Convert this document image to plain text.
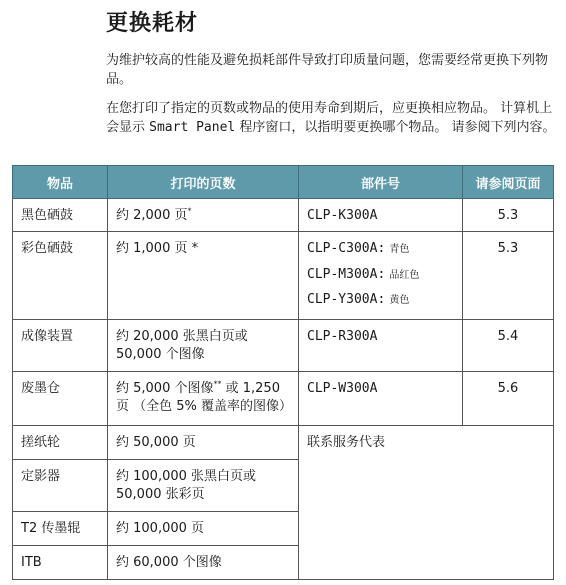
更换耗材
为维护较高的性能及避免损耗部件导致打印质量问题，您需要经常更换下列物品。
在您打印了指定的页数或物品的使用寿命到期后，应更换相应物品。 计算机上会显示 Smart Panel 程序窗口，以指明要更换哪个物品。 请参阅下列内容。
物品	打印的页数	部件号	请参阅页面
黑色硒鼓	约 2,000 页*	CLP-K300A	5.3
彩色硒鼓	约 1,000 页 *	CLP-C300A: 青色
CLP-M300A: 品红色
CLP-Y300A: 黄色	5.3
成像装置	约 20,000 张黑白页或
50,000 个图像	CLP-R300A	5.4
废墨仓	约 5,000 个图像** 或 1,250
页 （全色 5% 覆盖率的图像）	CLP-W300A	5.6
搓纸轮	约 50,000 页	联系服务代表	
定影器	约 100,000 张黑白页或
50,000 张彩页		
T2 传墨辊	约 100,000 页		
ITB	约 60,000 个图像		
